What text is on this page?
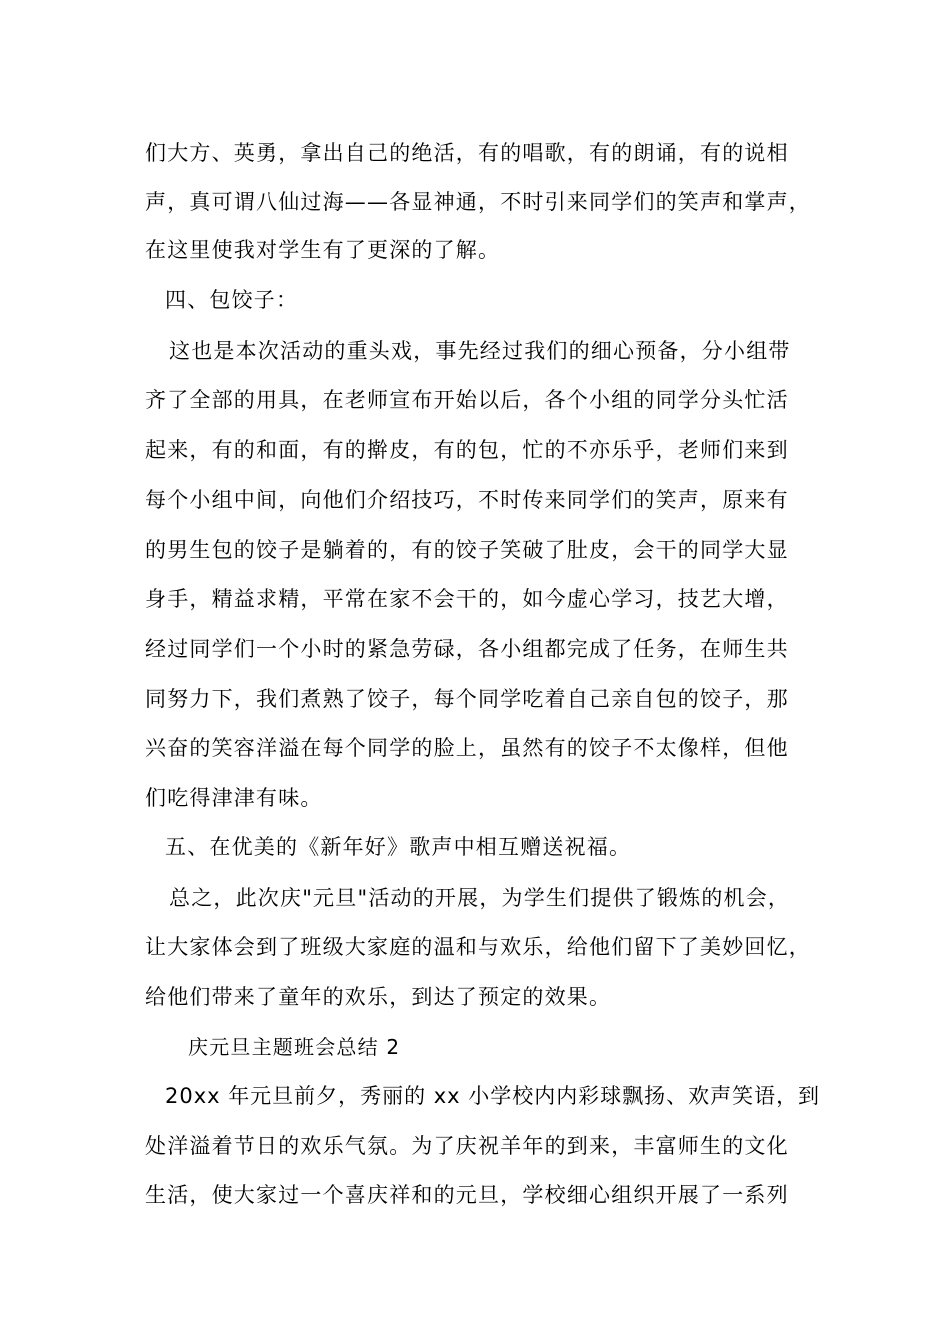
们大方、英勇，拿出自己的绝活，有的唱歌，有的朗诵，有的说相
声，真可谓八仙过海——各显神通，不时引来同学们的笑声和掌声，
在这里使我对学生有了更深的了解。
四、包饺子：
这也是本次活动的重头戏，事先经过我们的细心预备，分小组带
齐了全部的用具，在老师宣布开始以后，各个小组的同学分头忙活
起来，有的和面，有的擀皮，有的包，忙的不亦乐乎，老师们来到
每个小组中间，向他们介绍技巧，不时传来同学们的笑声，原来有
的男生包的饺子是躺着的，有的饺子笑破了肚皮，会干的同学大显
身手，精益求精，平常在家不会干的，如今虚心学习，技艺大增，
经过同学们一个小时的紧急劳碌，各小组都完成了任务，在师生共
同努力下，我们煮熟了饺子，每个同学吃着自己亲自包的饺子，那
兴奋的笑容洋溢在每个同学的脸上，虽然有的饺子不太像样，但他
们吃得津津有味。
五、在优美的《新年好》歌声中相互赠送祝福。
总之，此次庆"元旦"活动的开展，为学生们提供了锻炼的机会，
让大家体会到了班级大家庭的温和与欢乐，给他们留下了美妙回忆，
给他们带来了童年的欢乐，到达了预定的效果。
庆元旦主题班会总结 2
20xx 年元旦前夕，秀丽的 xx 小学校内内彩球飘扬、欢声笑语，到
处洋溢着节日的欢乐气氛。为了庆祝羊年的到来，丰富师生的文化
生活，使大家过一个喜庆祥和的元旦，学校细心组织开展了一系列
